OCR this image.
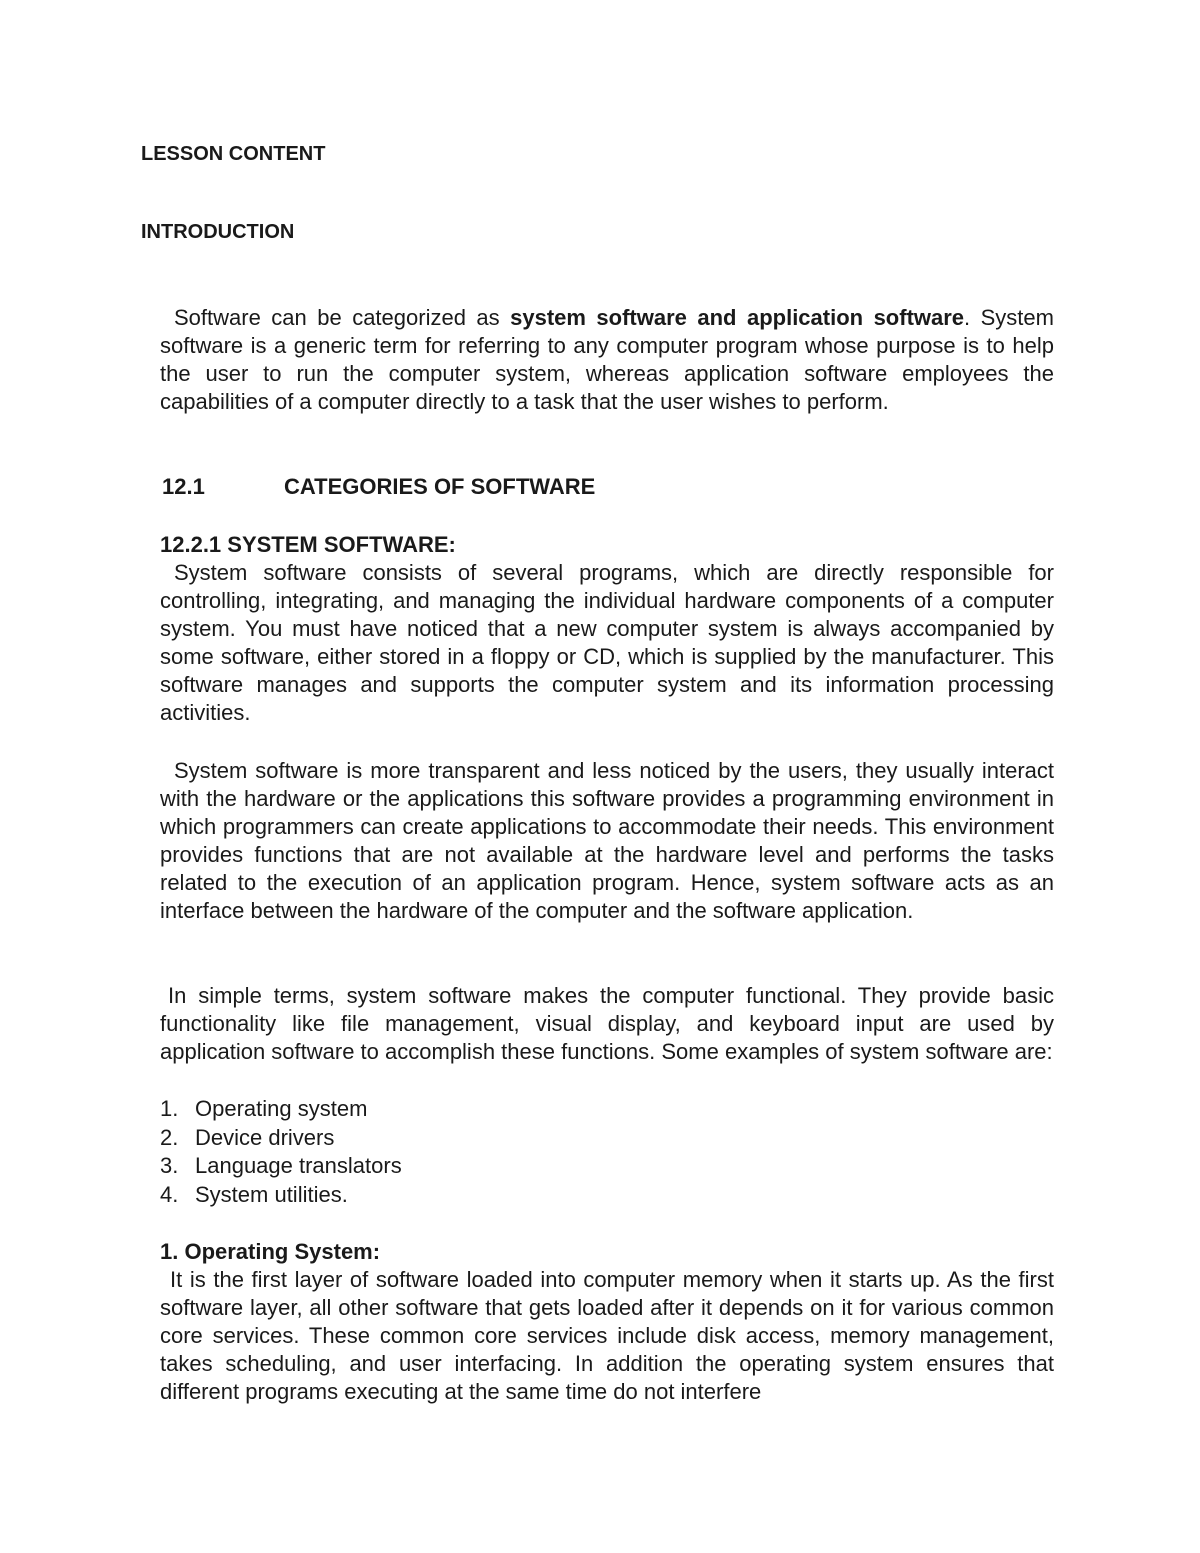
LESSON CONTENT
INTRODUCTION

Software can be categorized as system software and application software. System software is a generic term for referring to any computer program whose purpose is to help the user to run the computer system, whereas application software employees the capabilities of a computer directly to a task that the user wishes to perform.

12.1	CATEGORIES OF SOFTWARE
12.2.1 SYSTEM SOFTWARE:

System software consists of several programs, which are directly responsible for controlling, integrating, and managing the individual hardware components of a computer system. You must have noticed that a new computer system is always accompanied by some software, either stored in a floppy or CD, which is supplied by the manufacturer. This software manages and supports the computer system and its information processing activities.

System software is more transparent and less noticed by the users, they usually interact with the hardware or the applications this software provides a programming environment in which programmers can create applications to accommodate their needs. This environment provides functions that are not available at the hardware level and performs the tasks related to the execution of an application program. Hence, system software acts as an interface between the hardware of the computer and the software application.

In simple terms, system software makes the computer functional. They provide basic functionality like file management, visual display, and keyboard input are used by application software to accomplish these functions. Some examples of system software are:

1. Operating system
2. Device drivers
3. Language translators
4. System utilities.
1. Operating System:

It is the first layer of software loaded into computer memory when it starts up. As the first software layer, all other software that gets loaded after it depends on it for various common core services. These common core services include disk access, memory management, takes scheduling, and user interfacing. In addition the operating system ensures that different programs executing at the same time do not interfere
